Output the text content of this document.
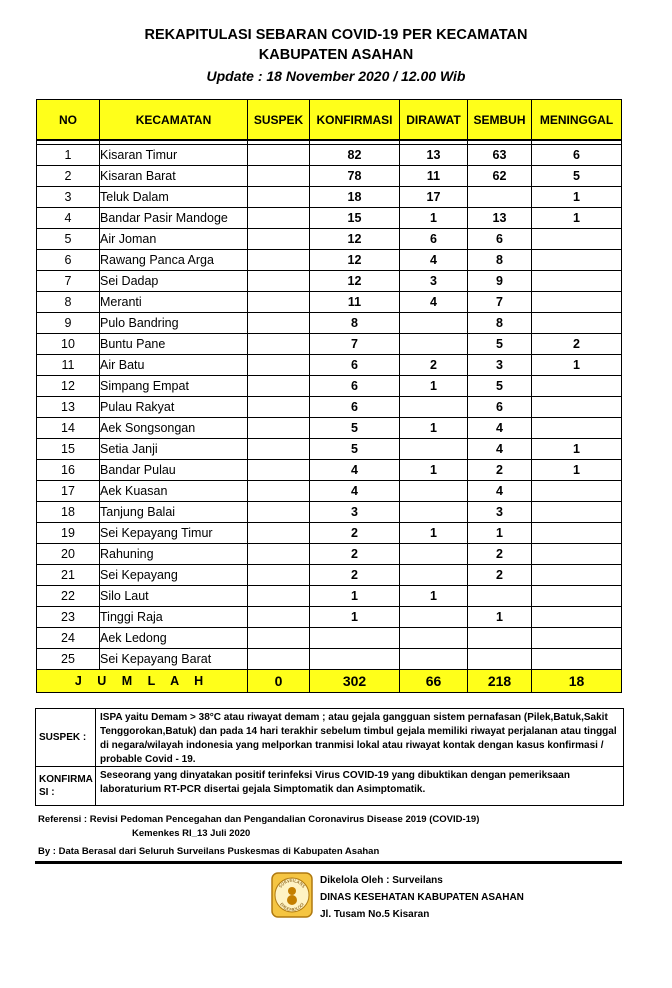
REKAPITULASI SEBARAN COVID-19 PER KECAMATAN
KABUPATEN ASAHAN
Update : 18 November 2020 / 12.00 Wib
NO	KECAMATAN	SUSPEK	KONFIRMASI	DIRAWAT	SEMBUH	MENINGGAL

1	Kisaran Timur		82	13	63	6
2	Kisaran Barat		78	11	62	5
3	Teluk Dalam		18	17		1
4	Bandar Pasir Mandoge		15	1	13	1
5	Air Joman		12	6	6	
6	Rawang Panca Arga		12	4	8	
7	Sei Dadap		12	3	9	
8	Meranti		11	4	7	
9	Pulo Bandring		8		8	
10	Buntu Pane		7		5	2
11	Air Batu		6	2	3	1
12	Simpang Empat		6	1	5	
13	Pulau Rakyat		6		6	
14	Aek Songsongan		5	1	4	
15	Setia Janji		5		4	1
16	Bandar Pulau		4	1	2	1
17	Aek Kuasan		4		4	
18	Tanjung Balai		3		3	
19	Sei Kepayang Timur		2	1	1	
20	Rahuning		2		2	
21	Sei Kepayang		2		2	
22	Silo Laut		1	1		
23	Tinggi Raja		1		1	
24	Aek Ledong					
25	Sei Kepayang Barat					
J U M L A H		0	302	66	218	18
SUSPEK :
ISPA yaitu Demam > 38°C atau riwayat demam ; atau gejala gangguan sistem pernafasan (Pilek,Batuk,Sakit Tenggorokan,Batuk) dan pada 14 hari terakhir sebelum timbul gejala memiliki riwayat perjalanan atau tinggal di negara/wilayah indonesia yang melporkan tranmisi lokal atau riwayat kontak dengan kasus konfirmasi / probable Covid - 19.
KONFIRMA SI :
Seseorang yang dinyatakan positif terinfeksi Virus COVID-19 yang dibuktikan dengan pemeriksaan laboraturium RT-PCR disertai gejala Simptomatik dan Asimptomatik.
Referensi : Revisi Pedoman Pencegahan dan Pengandalian Coronavirus Disease 2019 (COVID-19)
Kemenkes RI_13 Juli 2020
By : Data Berasal dari Seluruh Surveilans Puskesmas di Kabupaten Asahan
SURVEILANS
EPIDEMIOLOGI
Dikelola Oleh : Surveilans
DINAS KESEHATAN KABUPATEN ASAHAN
Jl. Tusam No.5 Kisaran
